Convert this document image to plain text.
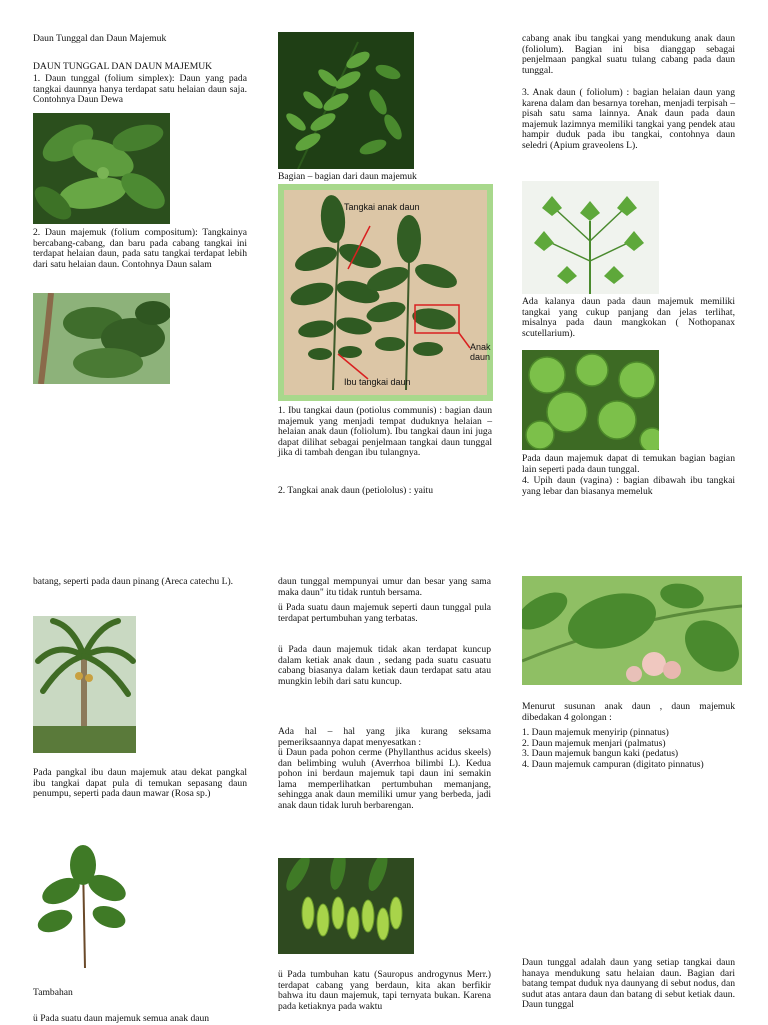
Daun Tunggal dan Daun Majemuk

DAUN TUNGGAL DAN DAUN MAJEMUK

1. Daun tunggal (folium simplex): Daun yang pada tangkai daunnya hanya terdapat satu helaian daun saja. Contohnya Daun Dewa

2. Daun majemuk (folium compositum): Tangkainya bercabang-cabang, dan baru pada cabang tangkai ini terdapat helaian daun, pada satu tangkai terdapat lebih dari satu helaian daun. Contohnya Daun salam

Bagian – bagian dari daun majemuk

Tangkai anak daun
Anak daun
Ibu tangkai daun

1. Ibu tangkai daun (potiolus communis) : bagian daun majemuk yang menjadi tempat duduknya helaian – helaian anak daun (foliolum). Ibu tangkai daun ini juga dapat dilihat sebagai penjelmaan tangkai daun tunggal jika di tambah dengan ibu tulangnya.

2. Tangkai anak daun (petiololus) : yaitu

cabang anak ibu tangkai yang mendukung anak daun (foliolum). Bagian ini bisa dianggap sebagai penjelmaan pangkal suatu tulang cabang pada daun tunggal.

3. Anak daun ( foliolum) : bagian helaian daun yang karena dalam dan besarnya torehan, menjadi terpisah – pisah satu sama lainnya. Anak daun pada daun majemuk lazimnya memiliki tangkai yang pendek atau hampir duduk pada ibu tangkai, contohnya daun seledri (Apium graveolens L).

Ada kalanya daun pada daun majemuk memiliki tangkai yang cukup panjang dan jelas terlihat, misalnya pada daun mangkokan ( Nothopanax scutellarium).

Pada daun majemuk dapat di temukan bagian bagian lain seperti pada daun tunggal.

4. Upih daun (vagina) : bagian dibawah ibu tangkai yang lebar dan biasanya memeluk

batang, seperti pada daun pinang (Areca catechu L).

Pada pangkal ibu daun majemuk atau dekat pangkal ibu tangkai dapat pula di temukan sepasang daun penumpu, seperti pada daun mawar (Rosa sp.)

Tambahan

ü Pada suatu daun majemuk semua anak daun

daun tunggal mempunyai umur dan besar yang sama maka daun" itu tidak runtuh bersama.

ü Pada suatu daun majemuk seperti daun tunggal pula terdapat pertumbuhan yang terbatas.

ü Pada daun majemuk tidak akan terdapat kuncup dalam ketiak anak daun , sedang pada suatu casuatu cabang biasanya dalam ketiak daun terdapat satu atau mungkin lebih dari satu kuncup.

Ada hal – hal yang jika kurang seksama pemeriksaannya dapat menyesatkan :

ü Daun pada pohon cerme (Phyllanthus acidus skeels) dan belimbing wuluh (Averrhoa bilimbi L). Kedua pohon ini berdaun majemuk tapi daun ini semakin lama memperlihatkan pertumbuhan memanjang, sehingga anak daun memiliki umur yang berbeda, jadi anak daun tidak luruh berbarengan.

ü Pada tumbuhan katu (Sauropus androgynus Merr.) terdapat cabang yang berdaun, kita akan berfikir bahwa itu daun majemuk, tapi ternyata bukan. Karena pada ketiaknya pada waktu

Menurut susunan anak daun , daun majemuk dibedakan 4 golongan :

1. Daun majemuk menyirip (pinnatus)
2. Daun majemuk menjari (palmatus)
3. Daun majemuk bangun kaki (pedatus)
4. Daun majemuk campuran (digitato pinnatus)

Daun tunggal adalah daun yang setiap tangkai daun hanaya mendukung satu helaian daun. Bagian dari batang tempat duduk nya daunyang di sebut nodus, dan sudut atas antara daun dan batang di sebut ketiak daun. Daun tunggal
